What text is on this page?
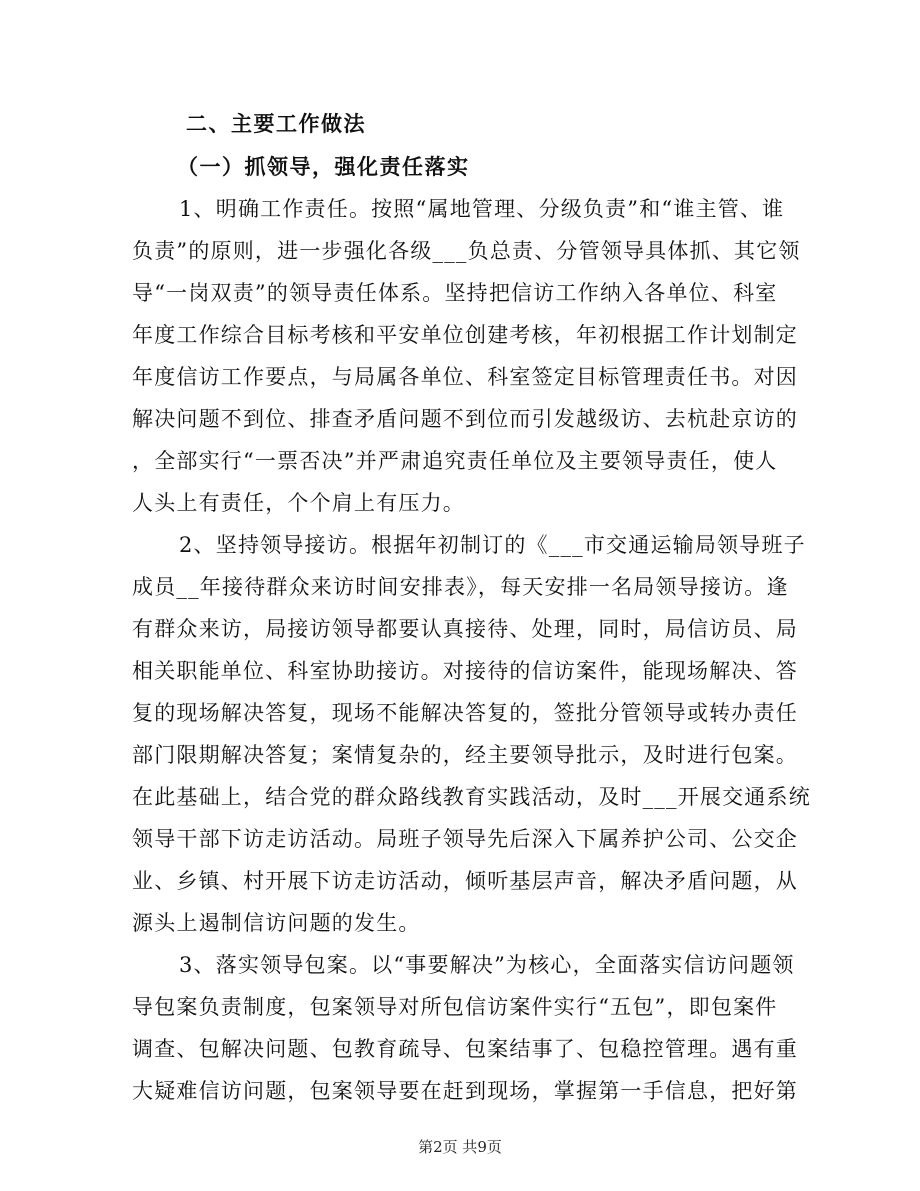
二、主要工作做法
（一）抓领导，强化责任落实
1、明确工作责任。按照“属地管理、分级负责”和“谁主管、谁
负责”的原则，进一步强化各级___负总责、分管领导具体抓、其它领
导“一岗双责”的领导责任体系。坚持把信访工作纳入各单位、科室
年度工作综合目标考核和平安单位创建考核，年初根据工作计划制定
年度信访工作要点，与局属各单位、科室签定目标管理责任书。对因
解决问题不到位、排查矛盾问题不到位而引发越级访、去杭赴京访的
，全部实行“一票否决”并严肃追究责任单位及主要领导责任，使人
人头上有责任，个个肩上有压力。
2、坚持领导接访。根据年初制订的《___市交通运输局领导班子
成员__年接待群众来访时间安排表》，每天安排一名局领导接访。逢
有群众来访，局接访领导都要认真接待、处理，同时，局信访员、局
相关职能单位、科室协助接访。对接待的信访案件，能现场解决、答
复的现场解决答复，现场不能解决答复的，签批分管领导或转办责任
部门限期解决答复；案情复杂的，经主要领导批示，及时进行包案。
在此基础上，结合党的群众路线教育实践活动，及时___开展交通系统
领导干部下访走访活动。局班子领导先后深入下属养护公司、公交企
业、乡镇、村开展下访走访活动，倾听基层声音，解决矛盾问题，从
源头上遏制信访问题的发生。
3、落实领导包案。以“事要解决”为核心，全面落实信访问题领
导包案负责制度，包案领导对所包信访案件实行“五包”，即包案件
调查、包解决问题、包教育疏导、包案结事了、包稳控管理。遇有重
大疑难信访问题，包案领导要在赶到现场，掌握第一手信息，把好第
第2页 共9页
